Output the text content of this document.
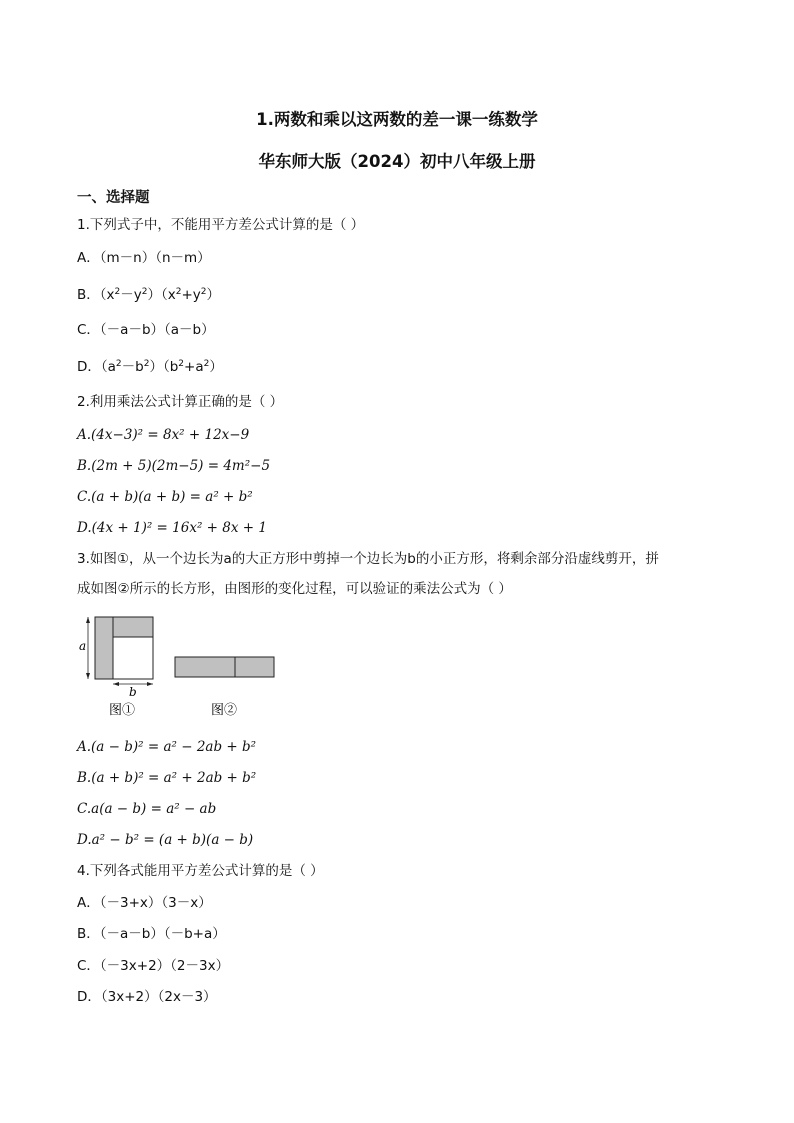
1.两数和乘以这两数的差一课一练数学
华东师大版（2024）初中八年级上册
一、选择题
1.下列式子中，不能用平方差公式计算的是（ ）
A．（m－n）（n－m）
B．$(x^2-y^2)(x^2+y^2)$
C．（－a－b）（a－b）
D．$(a^2-b^2)(b^2+a^2)$
2.利用乘法公式计算正确的是（ ）
A.(4x−3)² = 8x² + 12x−9
B.(2m + 5)(2m−5) = 4m²−5
C.(a + b)(a + b) = a² + b²
D.(4x + 1)² = 16x² + 8x + 1
3.如图①，从一个边长为a的大正方形中剪掉一个边长为b的小正方形，将剩余部分沿虚线剪开，拼
成如图②所示的长方形，由图形的变化过程，可以验证的乘法公式为（ ）
a
b
图①	图②
A.(a − b)² = a² − 2ab + b²
B.(a + b)² = a² + 2ab + b²
C.a(a − b) = a² − ab
D.a² − b² = (a + b)(a − b)
4.下列各式能用平方差公式计算的是（ ）
A．（－3+x）（3－x）
B．（－a－b）（－b+a）
C．（－3x+2）（2－3x）
D．（3x+2）（2x－3）
